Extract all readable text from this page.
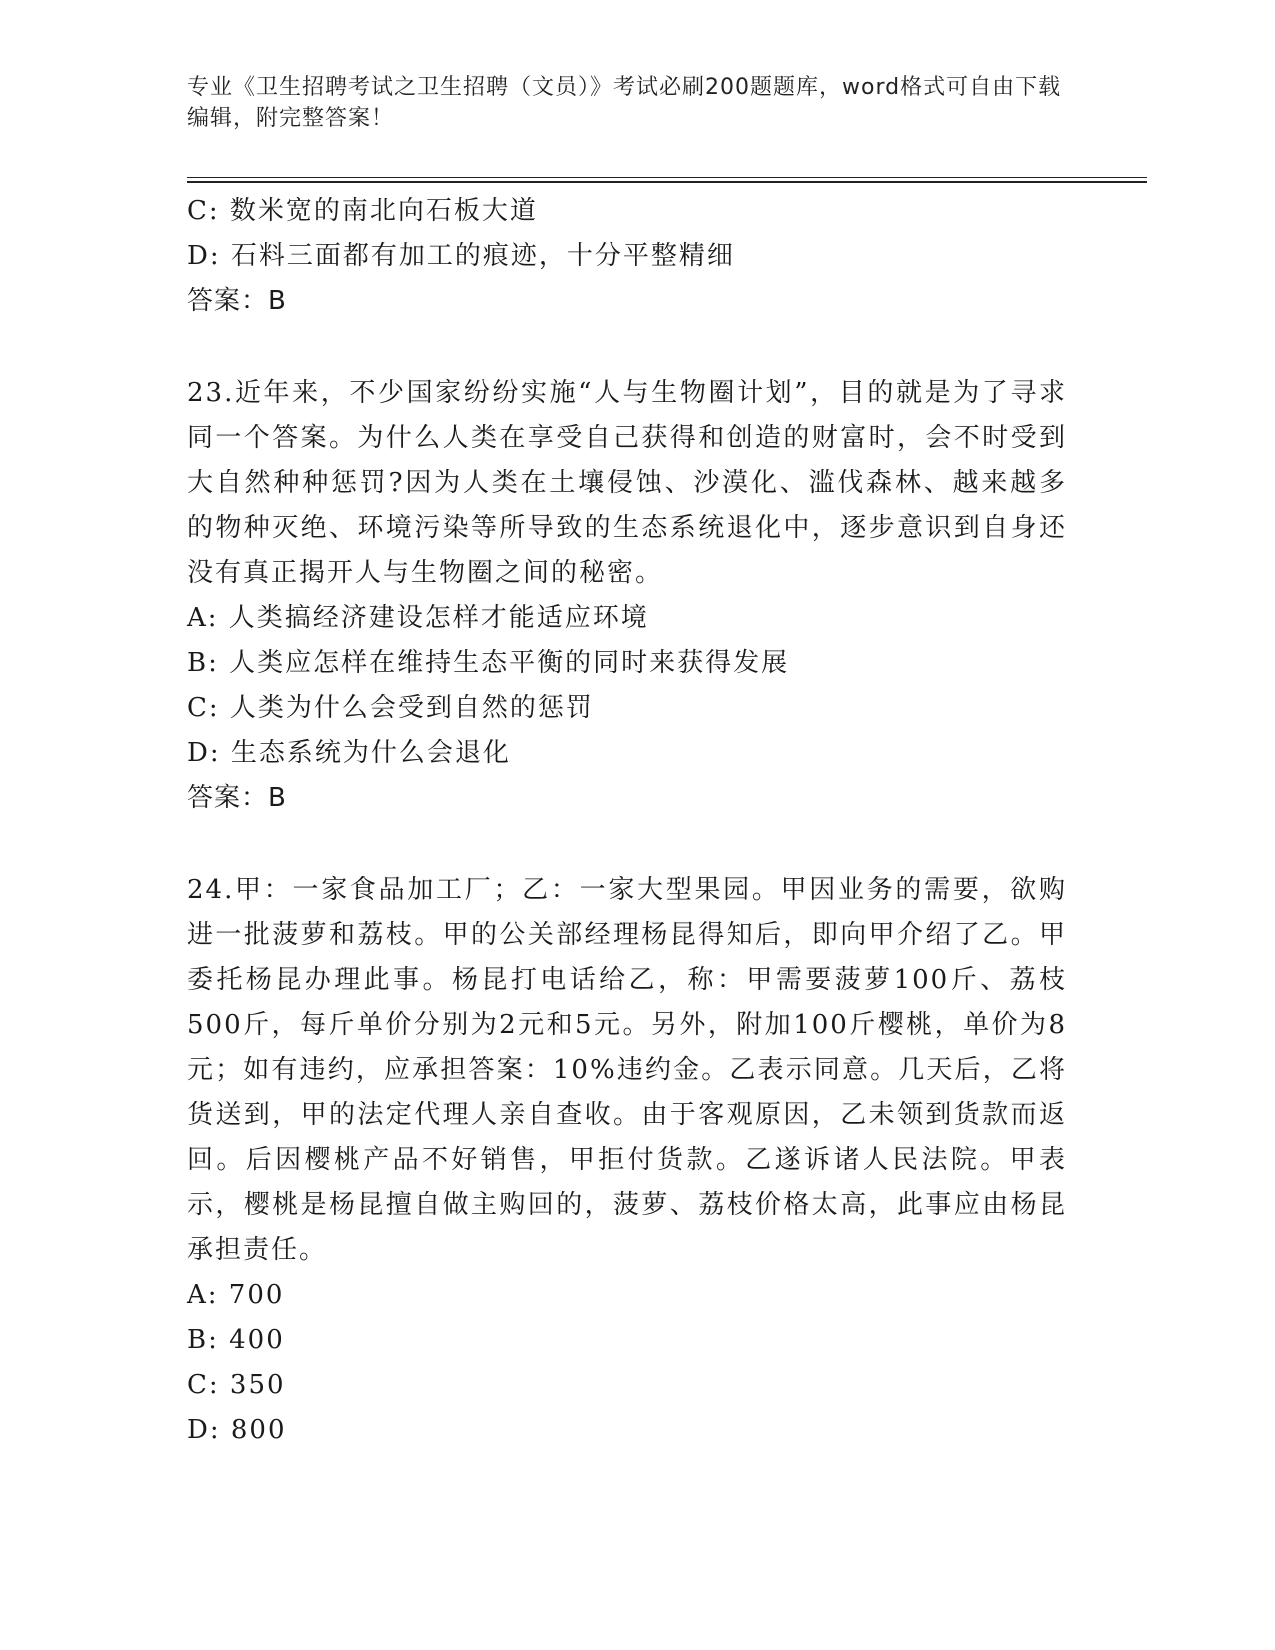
专业《卫生招聘考试之卫生招聘（文员）》考试必刷200题题库，word格式可自由下载编辑，附完整答案！
C: 数米宽的南北向石板大道
D: 石料三面都有加工的痕迹，十分平整精细
答案：B
23.近年来，不少国家纷纷实施“人与生物圈计划”，目的就是为了寻求同一个答案。为什么人类在享受自己获得和创造的财富时，会不时受到大自然种种惩罚?因为人类在土壤侵蚀、沙漠化、滥伐森林、越来越多的物种灭绝、环境污染等所导致的生态系统退化中，逐步意识到自身还没有真正揭开人与生物圈之间的秘密。
A: 人类搞经济建设怎样才能适应环境
B: 人类应怎样在维持生态平衡的同时来获得发展
C: 人类为什么会受到自然的惩罚
D: 生态系统为什么会退化
答案：B
24.甲：一家食品加工厂；乙：一家大型果园。甲因业务的需要，欲购进一批菠萝和荔枝。甲的公关部经理杨昆得知后，即向甲介绍了乙。甲委托杨昆办理此事。杨昆打电话给乙，称：甲需要菠萝100斤、荔枝500斤，每斤单价分别为2元和5元。另外，附加100斤樱桃，单价为8元；如有违约，应承担答案：10%违约金。乙表示同意。几天后，乙将货送到，甲的法定代理人亲自查收。由于客观原因，乙未领到货款而返回。后因樱桃产品不好销售，甲拒付货款。乙遂诉诸人民法院。甲表示，樱桃是杨昆擅自做主购回的，菠萝、荔枝价格太高，此事应由杨昆承担责任。
A: 700
B: 400
C: 350
D: 800
